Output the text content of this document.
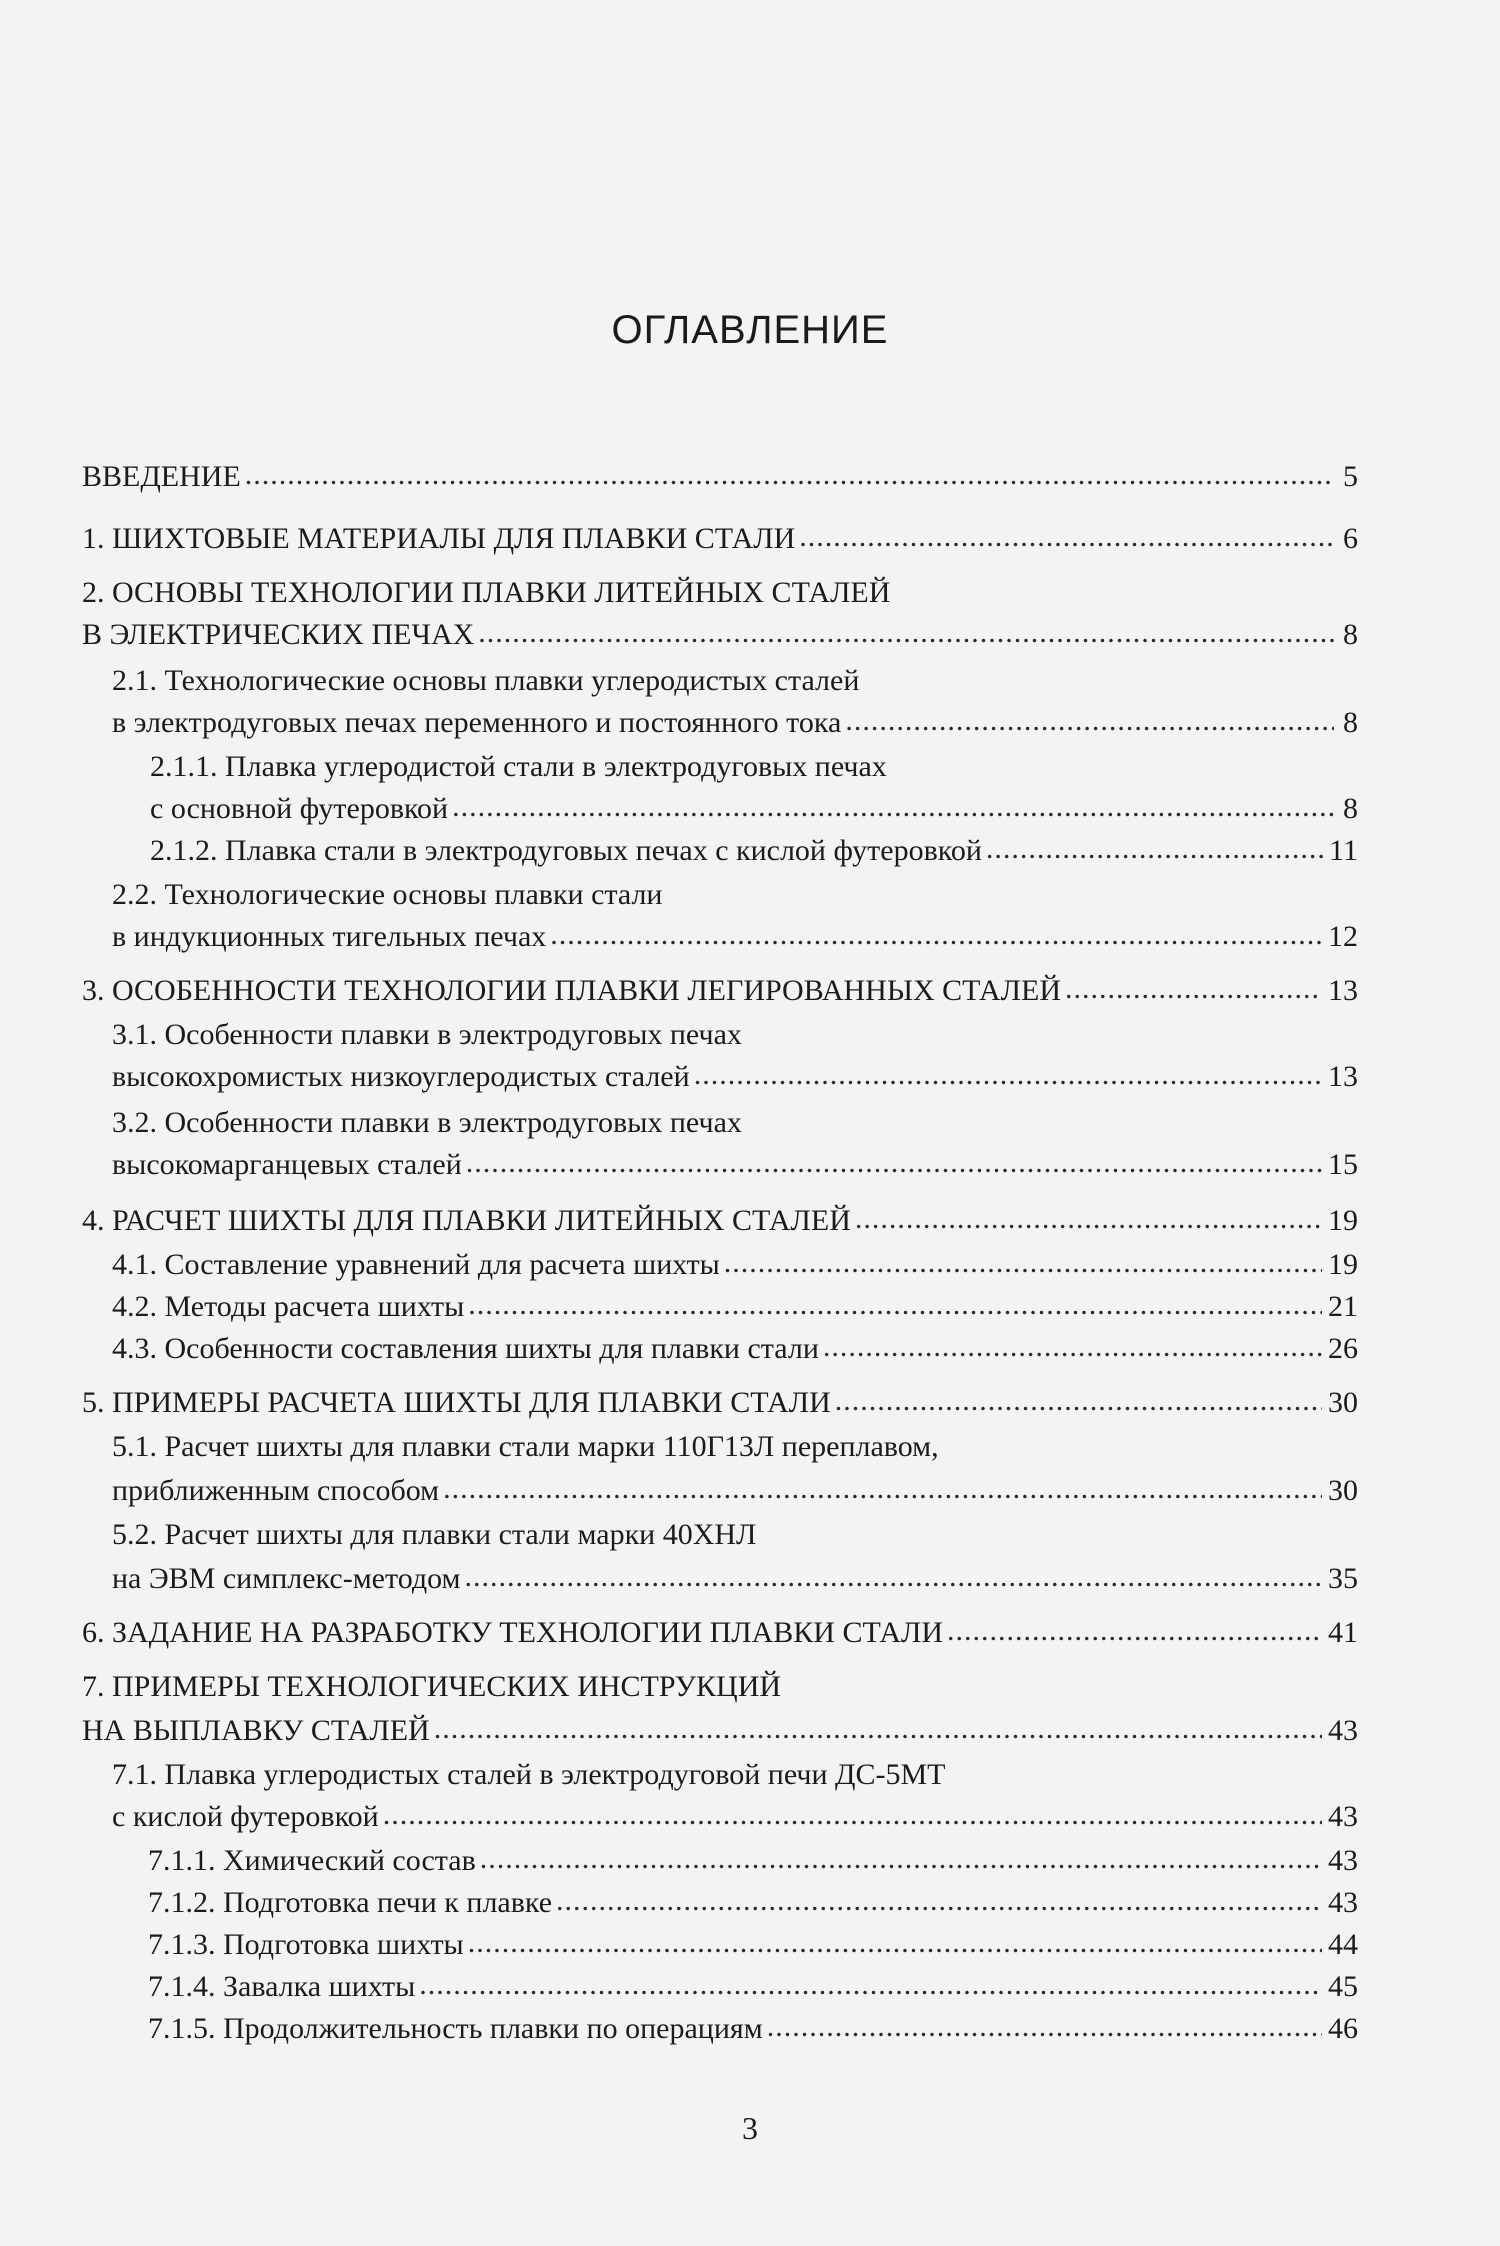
ОГЛАВЛЕНИЕ
ВВЕДЕНИЕ .....	5
1. ШИХТОВЫЕ МАТЕРИАЛЫ ДЛЯ ПЛАВКИ СТАЛИ .....	6
2. ОСНОВЫ ТЕХНОЛОГИИ ПЛАВКИ ЛИТЕЙНЫХ СТАЛЕЙ
В ЭЛЕКТРИЧЕСКИХ ПЕЧАХ .....	8
2.1. Технологические основы плавки углеродистых сталей
в электродуговых печах переменного и постоянного тока .....	8
2.1.1. Плавка углеродистой стали в электродуговых печах
с основной футеровкой .....	8
2.1.2. Плавка стали в электродуговых печах с кислой футеровкой .....	11
2.2. Технологические основы плавки стали
в индукционных тигельных печах .....	12
3. ОСОБЕННОСТИ ТЕХНОЛОГИИ ПЛАВКИ ЛЕГИРОВАННЫХ СТАЛЕЙ .....	13
3.1. Особенности плавки в электродуговых печах
высокохромистых низкоуглеродистых сталей .....	13
3.2. Особенности плавки в электродуговых печах
высокомарганцевых сталей .....	15
4. РАСЧЕТ ШИХТЫ ДЛЯ ПЛАВКИ ЛИТЕЙНЫХ СТАЛЕЙ .....	19
4.1. Составление уравнений для расчета шихты .....	19
4.2. Методы расчета шихты .....	21
4.3. Особенности составления шихты для плавки стали .....	26
5. ПРИМЕРЫ РАСЧЕТА ШИХТЫ ДЛЯ ПЛАВКИ СТАЛИ .....	30
5.1. Расчет шихты для плавки стали марки 110Г13Л переплавом,
приближенным способом .....	30
5.2. Расчет шихты для плавки стали марки 40ХНЛ
на ЭВМ симплекс-методом .....	35
6. ЗАДАНИЕ НА РАЗРАБОТКУ ТЕХНОЛОГИИ ПЛАВКИ СТАЛИ .....	41
7. ПРИМЕРЫ ТЕХНОЛОГИЧЕСКИХ ИНСТРУКЦИЙ
НА ВЫПЛАВКУ СТАЛЕЙ .....	43
7.1. Плавка углеродистых сталей в электродуговой печи ДС-5МТ
с кислой футеровкой .....	43
7.1.1. Химический состав .....	43
7.1.2. Подготовка печи к плавке .....	43
7.1.3. Подготовка шихты .....	44
7.1.4. Завалка шихты .....	45
7.1.5. Продолжительность плавки по операциям .....	46
3
